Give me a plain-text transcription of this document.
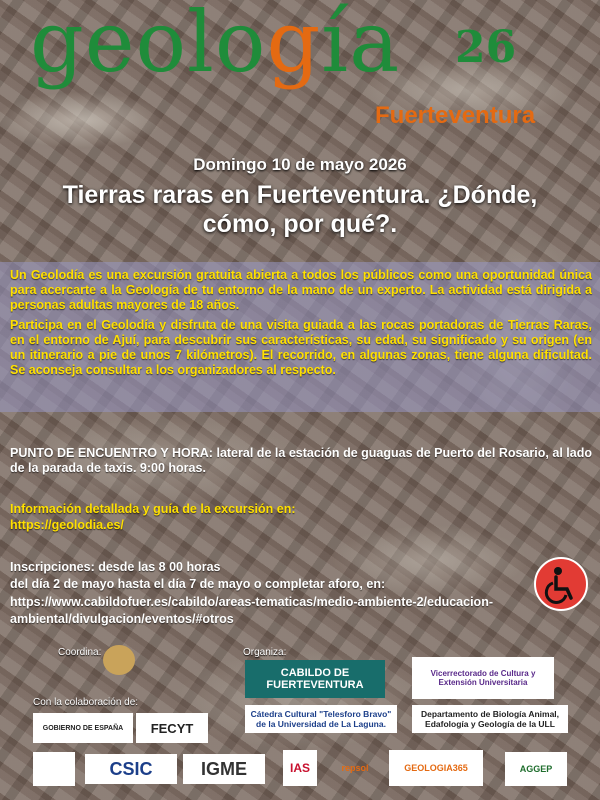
geología 26
Fuerteventura
Domingo 10 de mayo 2026
Tierras raras en Fuerteventura. ¿Dónde, cómo, por qué?.
Un Geolodía es una excursión gratuita abierta a todos los públicos como una oportunidad única para acercarte a la Geología de tu entorno de la mano de un experto. La actividad está dirigida a personas adultas mayores de 18 años.
Participa en el Geolodía y disfruta de una visita guiada a las rocas portadoras de Tierras Raras, en el entorno de Ajuí, para descubrir sus características, su edad, su significado y su origen (en un itinerario a pie de unos 7 kilómetros). El recorrido, en algunas zonas, tiene alguna dificultad. Se aconseja consultar a los organizadores al respecto.
PUNTO DE ENCUENTRO Y HORA: lateral de la estación de guaguas de Puerto del Rosario, al lado de la parada de taxis. 9:00 horas.
Información detallada y guía de la excursión en:
https://geolodia.es/
Inscripciones: desde las 8 00 horas
del día 2 de mayo hasta el día 7 de mayo o completar aforo, en:
https://www.cabildofuer.es/cabildo/areas-tematicas/medio-ambiente-2/educacion-
ambiental/divulgacion/eventos/#otros
Coordina:	Organiza:
CABILDO DE FUERTEVENTURA
Vicerrectorado de Cultura y Extensión Universitaria
Con la colaboración de:
GOBIERNO DE ESPAÑA	FECYT
Cátedra Cultural "Telesforo Bravo" de la Universidad de La Laguna.
Departamento de Biología Animal, Edafología y Geología de la ULL
CSIC	IGME	IAS	repsol	GEOLOGIA365	AGGEP
